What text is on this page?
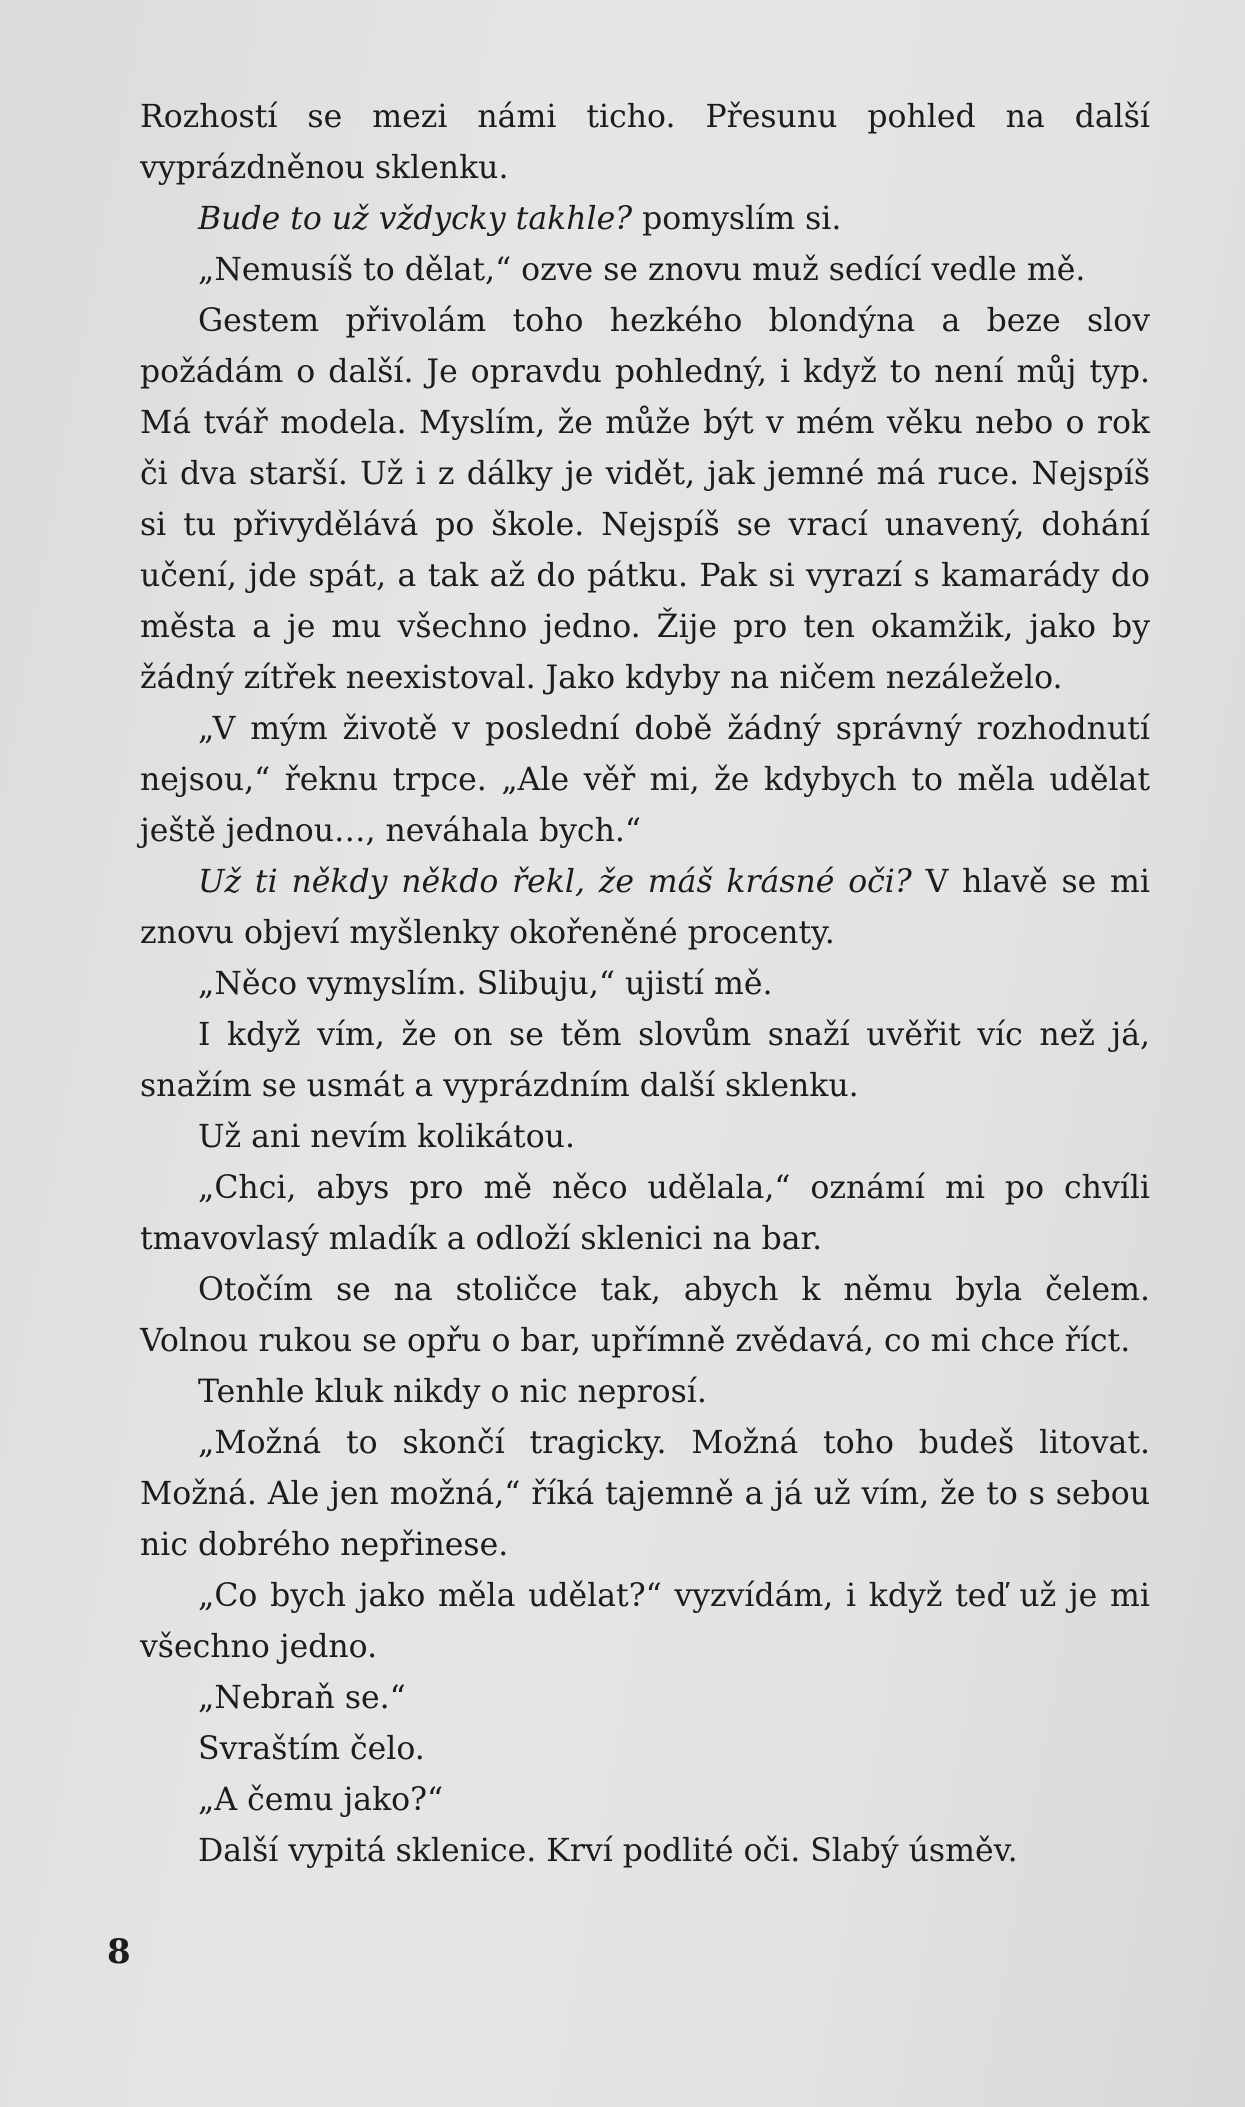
Rozhostí se mezi námi ticho. Přesunu pohled na další vyprázdněnou sklenku.

Bude to už vždycky takhle? pomyslím si.

„Nemusíš to dělat,“ ozve se znovu muž sedící vedle mě.

Gestem přivolám toho hezkého blondýna a beze slov požádám o další. Je opravdu pohledný, i když to není můj typ. Má tvář modela. Myslím, že může být v mém věku nebo o rok či dva starší. Už i z dálky je vidět, jak jemné má ruce. Nejspíš si tu přivydělává po škole. Nejspíš se vrací unavený, dohání učení, jde spát, a tak až do pátku. Pak si vyrazí s kamarády do města a je mu všechno jedno. Žije pro ten okamžik, jako by žádný zítřek neexistoval. Jako kdyby na ničem nezáleželo.

„V mým životě v poslední době žádný správný rozhodnutí nejsou,“ řeknu trpce. „Ale věř mi, že kdybych to měla udělat ještě jednou…, neváhala bych.“

Už ti někdy někdo řekl, že máš krásné oči? V hlavě se mi znovu objeví myšlenky okořeněné procenty.

„Něco vymyslím. Slibuju,“ ujistí mě.

I když vím, že on se těm slovům snaží uvěřit víc než já, snažím se usmát a vyprázdním další sklenku.

Už ani nevím kolikátou.

„Chci, abys pro mě něco udělala,“ oznámí mi po chvíli tmavovlasý mladík a odloží sklenici na bar.

Otočím se na stoličce tak, abych k němu byla čelem. Volnou rukou se opřu o bar, upřímně zvědavá, co mi chce říct.

Tenhle kluk nikdy o nic neprosí.

„Možná to skončí tragicky. Možná toho budeš litovat. Možná. Ale jen možná,“ říká tajemně a já už vím, že to s sebou nic dobrého nepřinese.

„Co bych jako měla udělat?“ vyzvídám, i když teď už je mi všechno jedno.

„Nebraň se.“

Svraštím čelo.

„A čemu jako?“

Další vypitá sklenice. Krví podlité oči. Slabý úsměv.

8
